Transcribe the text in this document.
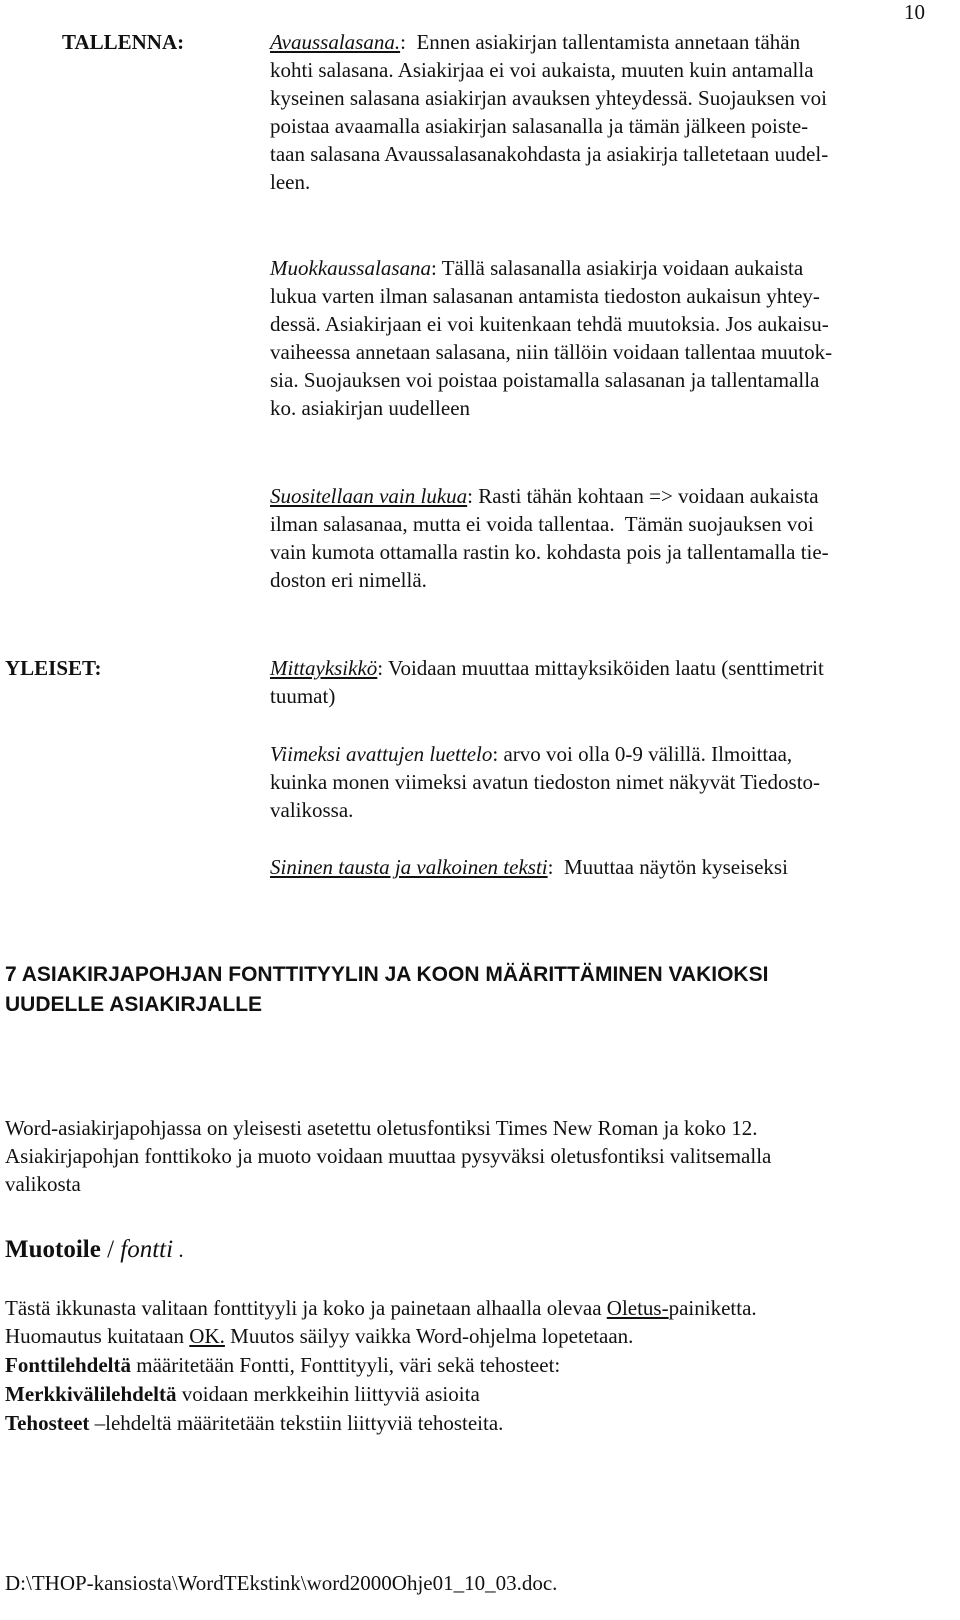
10
TALLENNA:	Avaussalasana.:  Ennen asiakirjan tallentamista annetaan tähän
kohti salasana. Asiakirjaa ei voi aukaista, muuten kuin antamalla
kyseinen salasana asiakirjan avauksen yhteydessä. Suojauksen voi
poistaa avaamalla asiakirjan salasanalla ja tämän jälkeen poiste-
taan salasana Avaussalasanakohdasta ja asiakirja talletetaan uudel-
leen.
Muokkaussalasana: Tällä salasanalla asiakirja voidaan aukaista
lukua varten ilman salasanan antamista tiedoston aukaisun yhtey-
dessä. Asiakirjaan ei voi kuitenkaan tehdä muutoksia. Jos aukaisu-
vaiheessa annetaan salasana, niin tällöin voidaan tallentaa muutok-
sia. Suojauksen voi poistaa poistamalla salasanan ja tallentamalla
ko. asiakirjan uudelleen
Suositellaan vain lukua: Rasti tähän kohtaan => voidaan aukaista
ilman salasanaa, mutta ei voida tallentaa.  Tämän suojauksen voi
vain kumota ottamalla rastin ko. kohdasta pois ja tallentamalla tie-
doston eri nimellä.
YLEISET:	Mittayksikkö: Voidaan muuttaa mittayksiköiden laatu (senttimetrit
tuumat)
Viimeksi avattujen luettelo: arvo voi olla 0-9 välillä. Ilmoittaa,
kuinka monen viimeksi avatun tiedoston nimet näkyvät Tiedosto-
valikossa.
Sininen tausta ja valkoinen teksti:  Muuttaa näytön kyseiseksi
7 ASIAKIRJAPOHJAN FONTTITYYLIN JA KOON MÄÄRITTÄMINEN VAKIOKSI
UUDELLE ASIAKIRJALLE
Word-asiakirjapohjassa on yleisesti asetettu oletusfontiksi Times New Roman ja koko 12.
Asiakirjapohjan fonttikoko ja muoto voidaan muuttaa pysyväksi oletusfontiksi valitsemalla
valikosta
Muotoile / fontti .
Tästä ikkunasta valitaan fonttityyli ja koko ja painetaan alhaalla olevaa Oletus-painiketta.
Huomautus kuitataan OK. Muutos säilyy vaikka Word-ohjelma lopetetaan.
Fonttilehdeltä määritetään Fontti, Fonttityyli, väri sekä tehosteet:
Merkkivälilehdeltä voidaan merkkeihin liittyviä asioita
Tehosteet –lehdeltä määritetään tekstiin liittyviä tehosteita.
D:\THOP-kansiosta\WordTEkstink\word2000Ohje01_10_03.doc.
